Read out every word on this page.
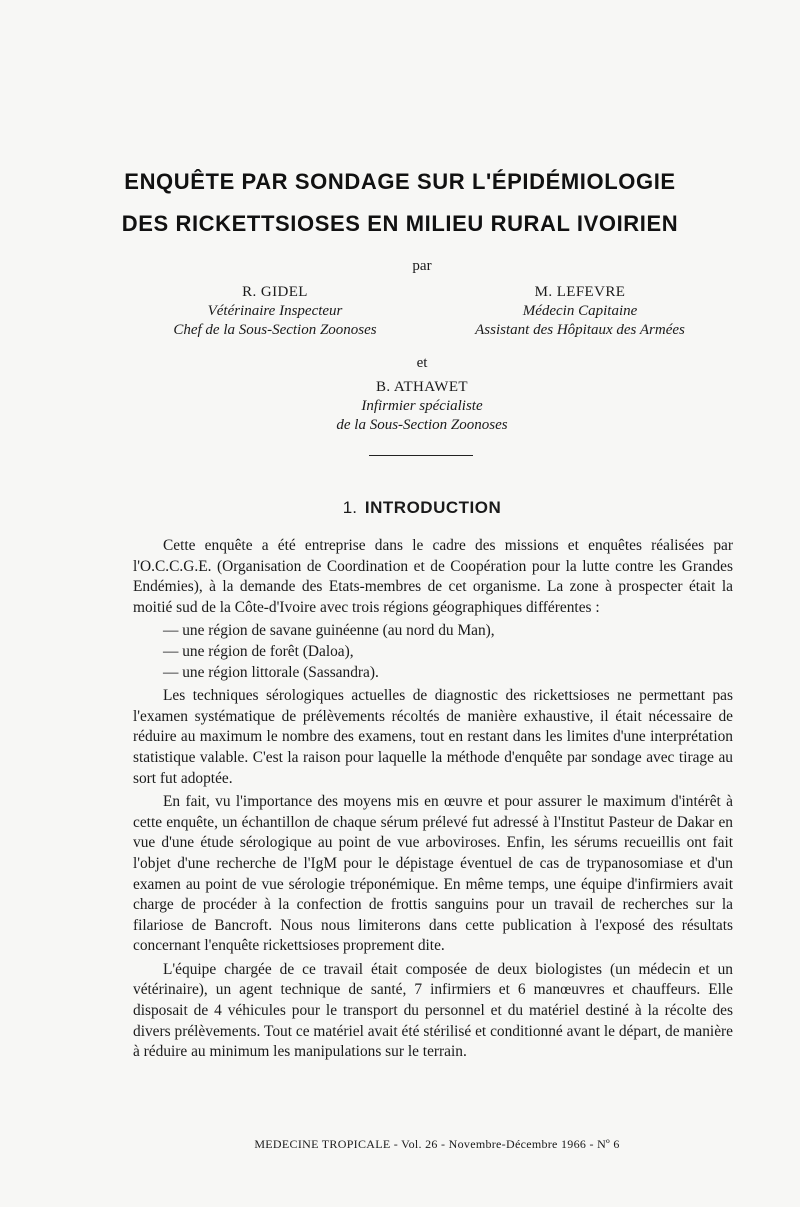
ENQUÊTE PAR SONDAGE SUR L'ÉPIDÉMIOLOGIE
DES RICKETTSIOSES EN MILIEU RURAL IVOIRIEN
par
R. GIDEL
Vétérinaire Inspecteur
Chef de la Sous-Section Zoonoses
M. LEFEVRE
Médecin Capitaine
Assistant des Hôpitaux des Armées
et
B. ATHAWET
Infirmier spécialiste
de la Sous-Section Zoonoses
1. INTRODUCTION

Cette enquête a été entreprise dans le cadre des missions et enquêtes réalisées par l'O.C.C.G.E. (Organisation de Coordination et de Coopération pour la lutte contre les Grandes Endémies), à la demande des Etats-membres de cet organisme. La zone à prospecter était la moitié sud de la Côte-d'Ivoire avec trois régions géographiques différentes :

— une région de savane guinéenne (au nord du Man),
— une région de forêt (Daloa),
— une région littorale (Sassandra).

Les techniques sérologiques actuelles de diagnostic des rickettsioses ne permettant pas l'examen systématique de prélèvements récoltés de manière exhaustive, il était nécessaire de réduire au maximum le nombre des examens, tout en restant dans les limites d'une interprétation statistique valable. C'est la raison pour laquelle la méthode d'enquête par sondage avec tirage au sort fut adoptée.

En fait, vu l'importance des moyens mis en œuvre et pour assurer le maximum d'intérêt à cette enquête, un échantillon de chaque sérum prélevé fut adressé à l'Institut Pasteur de Dakar en vue d'une étude sérologique au point de vue arboviroses. Enfin, les sérums recueillis ont fait l'objet d'une recherche de l'IgM pour le dépistage éventuel de cas de trypanosomiase et d'un examen au point de vue sérologie tréponémique. En même temps, une équipe d'infirmiers avait charge de procéder à la confection de frottis sanguins pour un travail de recherches sur la filariose de Bancroft. Nous nous limiterons dans cette publication à l'exposé des résultats concernant l'enquête rickettsioses proprement dite.

L'équipe chargée de ce travail était composée de deux biologistes (un médecin et un vétérinaire), un agent technique de santé, 7 infirmiers et 6 manœuvres et chauffeurs. Elle disposait de 4 véhicules pour le transport du personnel et du matériel destiné à la récolte des divers prélèvements. Tout ce matériel avait été stérilisé et conditionné avant le départ, de manière à réduire au minimum les manipulations sur le terrain.

MEDECINE TROPICALE - Vol. 26 - Novembre-Décembre 1966 - Nº 6
